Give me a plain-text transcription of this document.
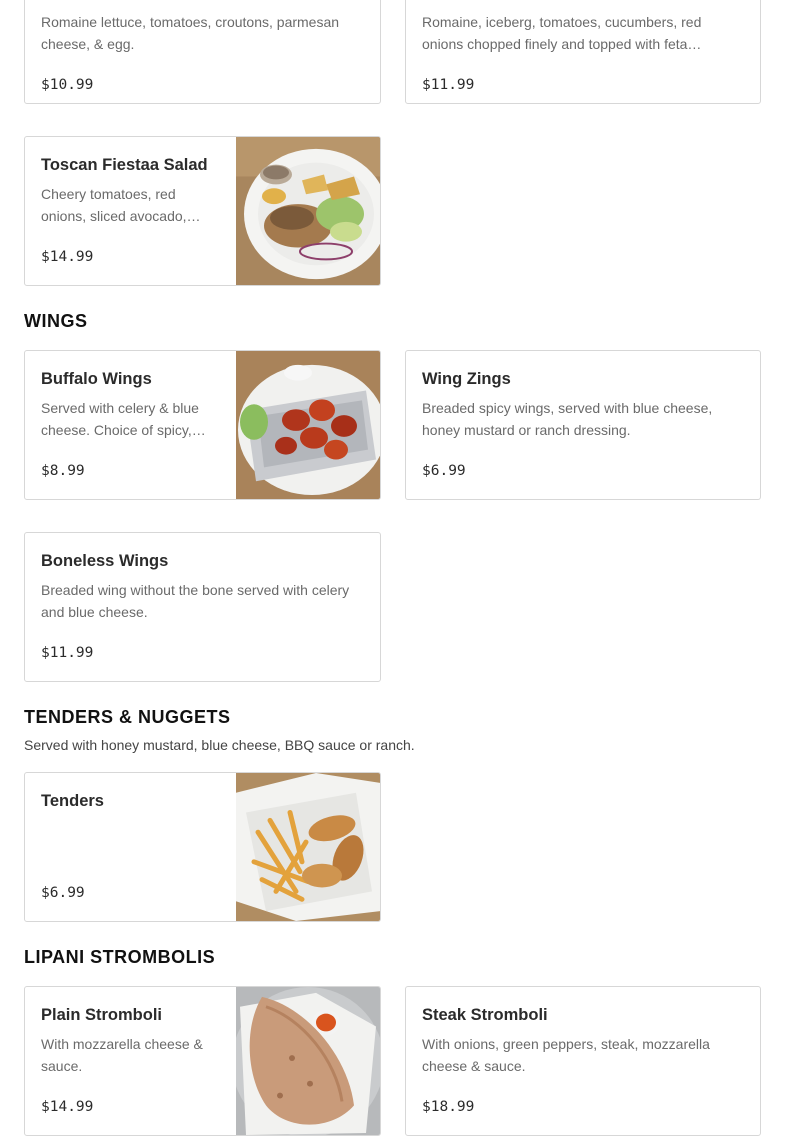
Romaine lettuce, tomatoes, croutons, parmesan cheese, & egg.
$10.99
Romaine, iceberg, tomatoes, cucumbers, red onions chopped finely and topped with feta…
$11.99
Toscan Fiestaa Salad
Cheery tomatoes, red onions, sliced avocado,…
$14.99
WINGS
Buffalo Wings
Served with celery & blue cheese. Choice of spicy,…
$8.99
Wing Zings
Breaded spicy wings, served with blue cheese, honey mustard or ranch dressing.
$6.99
Boneless Wings
Breaded wing without the bone served with celery and blue cheese.
$11.99
TENDERS & NUGGETS
Served with honey mustard, blue cheese, BBQ sauce or ranch.
Tenders
$6.99
LIPANI STROMBOLIS
Plain Stromboli
With mozzarella cheese & sauce.
$14.99
Steak Stromboli
With onions, green peppers, steak, mozzarella cheese & sauce.
$18.99
